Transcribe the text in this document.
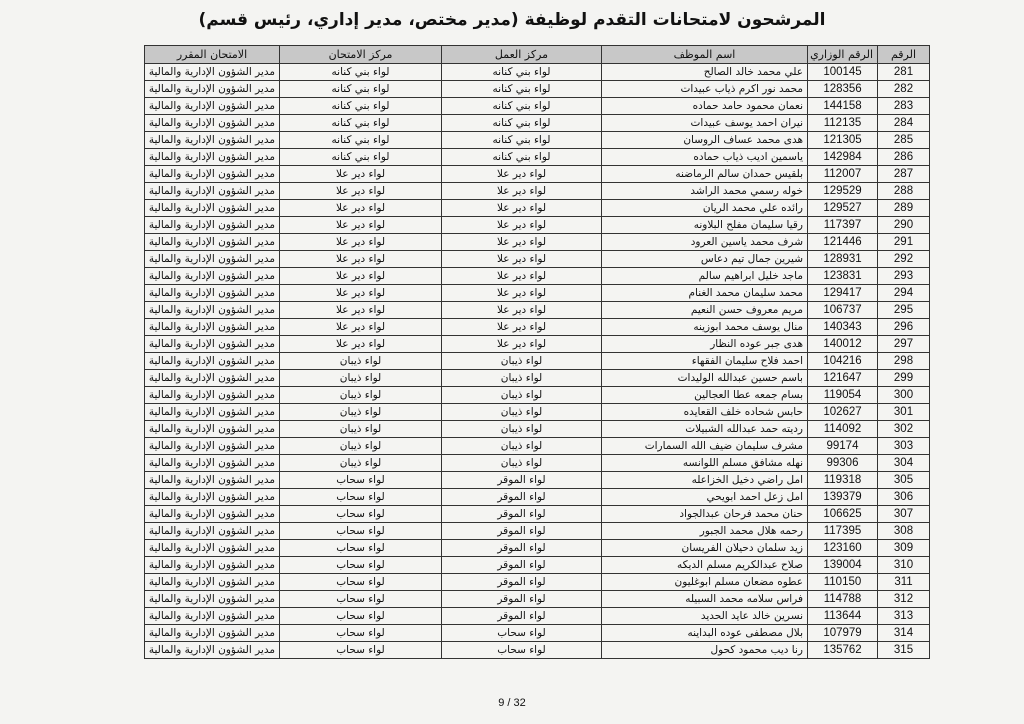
المرشحون لامتحانات التقدم لوظيفة (مدير مختص، مدير إداري، رئيس قسم)
الرقم	الرقم الوزاري	اسم الموظف	مركز العمل	مركز الامتحان	الامتحان المقرر
281	100145	علي محمد خالد الصالح	لواء بني كنانه	لواء بني كنانه	مدير الشؤون الإدارية والمالية
282	128356	محمد نور اكرم ذياب عبيدات	لواء بني كنانه	لواء بني كنانه	مدير الشؤون الإدارية والمالية
283	144158	نعمان محمود حامد حماده	لواء بني كنانه	لواء بني كنانه	مدير الشؤون الإدارية والمالية
284	112135	نيران احمد يوسف عبيدات	لواء بني كنانه	لواء بني كنانه	مدير الشؤون الإدارية والمالية
285	121305	هدى محمد عساف الروسان	لواء بني كنانه	لواء بني كنانه	مدير الشؤون الإدارية والمالية
286	142984	ياسمين اديب ذياب حماده	لواء بني كنانه	لواء بني كنانه	مدير الشؤون الإدارية والمالية
287	112007	بلقيس حمدان سالم الرماضنه	لواء دير علا	لواء دير علا	مدير الشؤون الإدارية والمالية
288	129529	خوله رسمي محمد الراشد	لواء دير علا	لواء دير علا	مدير الشؤون الإدارية والمالية
289	129527	رائده علي محمد الريان	لواء دير علا	لواء دير علا	مدير الشؤون الإدارية والمالية
290	117397	رقيا سليمان مفلح البلاونه	لواء دير علا	لواء دير علا	مدير الشؤون الإدارية والمالية
291	121446	شرف محمد ياسين العرود	لواء دير علا	لواء دير علا	مدير الشؤون الإدارية والمالية
292	128931	شيرين جمال تيم دعاس	لواء دير علا	لواء دير علا	مدير الشؤون الإدارية والمالية
293	123831	ماجد خليل ابراهيم سالم	لواء دير علا	لواء دير علا	مدير الشؤون الإدارية والمالية
294	129417	محمد سليمان محمد الغنام	لواء دير علا	لواء دير علا	مدير الشؤون الإدارية والمالية
295	106737	مريم معروف حسن النعيم	لواء دير علا	لواء دير علا	مدير الشؤون الإدارية والمالية
296	140343	منال يوسف محمد ابوزينه	لواء دير علا	لواء دير علا	مدير الشؤون الإدارية والمالية
297	140012	هدى جبر عوده النظار	لواء دير علا	لواء دير علا	مدير الشؤون الإدارية والمالية
298	104216	احمد فلاح سليمان الفقهاء	لواء ذيبان	لواء ذيبان	مدير الشؤون الإدارية والمالية
299	121647	باسم حسين عبدالله الوليدات	لواء ذيبان	لواء ذيبان	مدير الشؤون الإدارية والمالية
300	119054	بسام جمعه عطا العجالين	لواء ذيبان	لواء ذيبان	مدير الشؤون الإدارية والمالية
301	102627	حابس شحاده خلف القعايده	لواء ذيبان	لواء ذيبان	مدير الشؤون الإدارية والمالية
302	114092	رديته حمد عبدالله الشبيلات	لواء ذيبان	لواء ذيبان	مدير الشؤون الإدارية والمالية
303	99174	مشرف سليمان ضيف الله السمارات	لواء ذيبان	لواء ذيبان	مدير الشؤون الإدارية والمالية
304	99306	نهله مشافق مسلم اللوانسه	لواء ذيبان	لواء ذيبان	مدير الشؤون الإدارية والمالية
305	119318	امل راضي دخيل الخزاعله	لواء الموقر	لواء سحاب	مدير الشؤون الإدارية والمالية
306	139379	امل زعل احمد ابويحي	لواء الموقر	لواء سحاب	مدير الشؤون الإدارية والمالية
307	106625	حنان محمد فرحان عبدالجواد	لواء الموقر	لواء سحاب	مدير الشؤون الإدارية والمالية
308	117395	رحمه هلال محمد الجبور	لواء الموقر	لواء سحاب	مدير الشؤون الإدارية والمالية
309	123160	زيد سلمان دحيلان الفريسان	لواء الموقر	لواء سحاب	مدير الشؤون الإدارية والمالية
310	139004	صلاح عبدالكريم مسلم الديكه	لواء الموقر	لواء سحاب	مدير الشؤون الإدارية والمالية
311	110150	عطوه مضعان مسلم ابوغليون	لواء الموقر	لواء سحاب	مدير الشؤون الإدارية والمالية
312	114788	فراس سلامه محمد السبيله	لواء الموقر	لواء سحاب	مدير الشؤون الإدارية والمالية
313	113644	نسرين خالد عايد الحديد	لواء الموقر	لواء سحاب	مدير الشؤون الإدارية والمالية
314	107979	بلال مصطفى عوده البداينه	لواء سحاب	لواء سحاب	مدير الشؤون الإدارية والمالية
315	135762	رنا ديب محمود كحول	لواء سحاب	لواء سحاب	مدير الشؤون الإدارية والمالية
9 / 32
